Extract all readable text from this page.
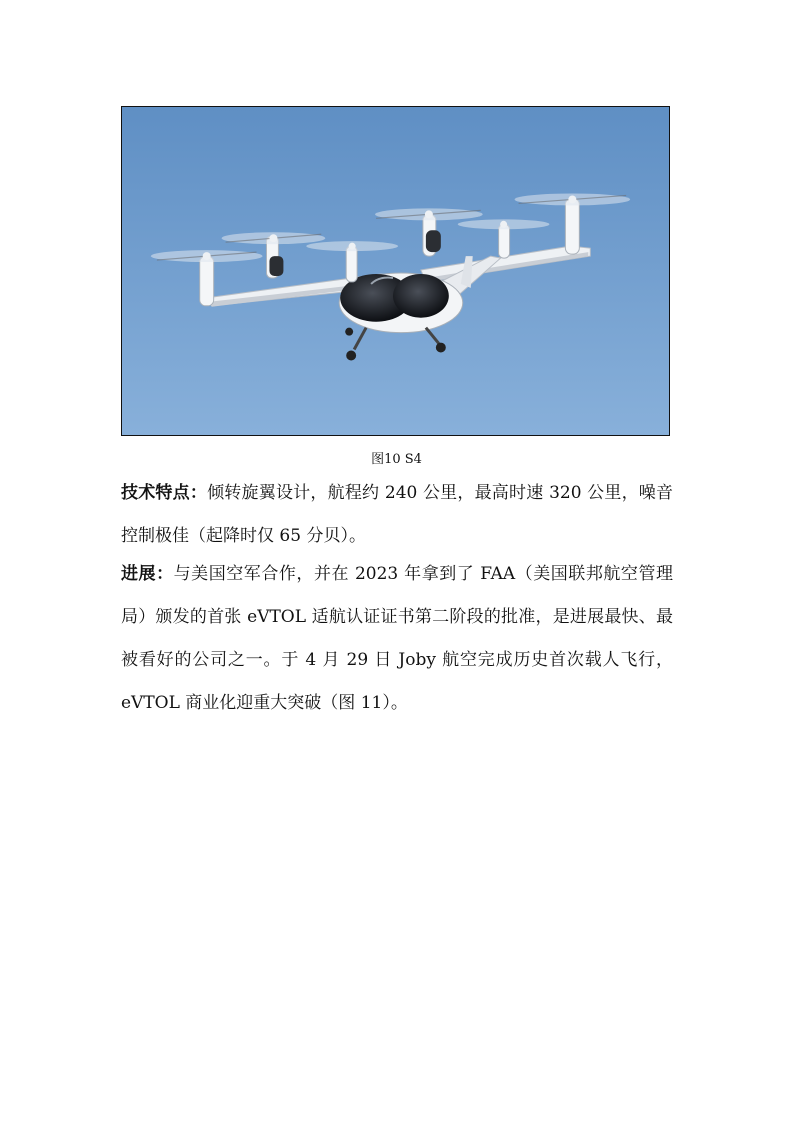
图10 S4
技术特点：倾转旋翼设计，航程约 240 公里，最高时速 320 公里，噪音控制极佳（起降时仅 65 分贝）。
进展：与美国空军合作，并在 2023 年拿到了 FAA（美国联邦航空管理局）颁发的首张 eVTOL 适航认证证书第二阶段的批准，是进展最快、最被看好的公司之一。于 4 月 29 日 Joby 航空完成历史首次载人飞行，eVTOL 商业化迎重大突破（图 11）。
